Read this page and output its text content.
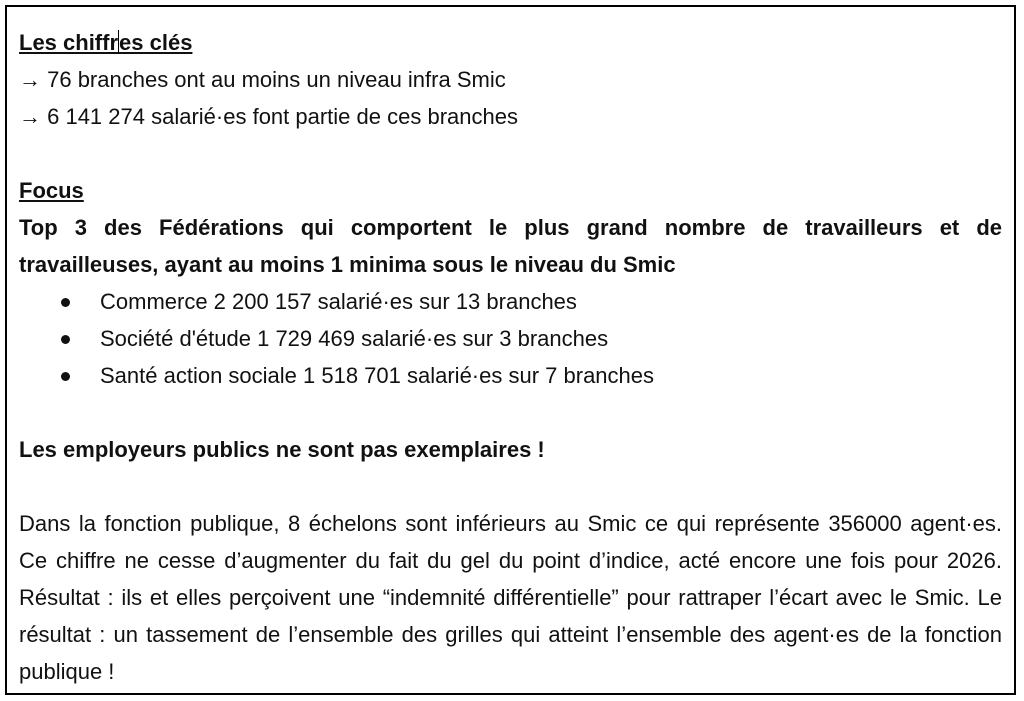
Les chiffres clés

→ 76 branches ont au moins un niveau infra Smic

→ 6 141 274 salarié·es font partie de ces branches

Focus

Top 3 des Fédérations qui comportent le plus grand nombre de travailleurs et de travailleuses, ayant au moins 1 minima sous le niveau du Smic

Commerce 2 200 157 salarié·es sur 13 branches
Société d'étude 1 729 469 salarié·es sur 3 branches
Santé action sociale 1 518 701 salarié·es sur 7 branches

Les employeurs publics ne sont pas exemplaires !

Dans la fonction publique, 8 échelons sont inférieurs au Smic ce qui représente 356000 agent·es. Ce chiffre ne cesse d’augmenter du fait du gel du point d’indice, acté encore une fois pour 2026. Résultat : ils et elles perçoivent une “indemnité différentielle” pour rattraper l’écart avec le Smic. Le résultat : un tassement de l’ensemble des grilles qui atteint l’ensemble des agent·es de la fonction publique !
